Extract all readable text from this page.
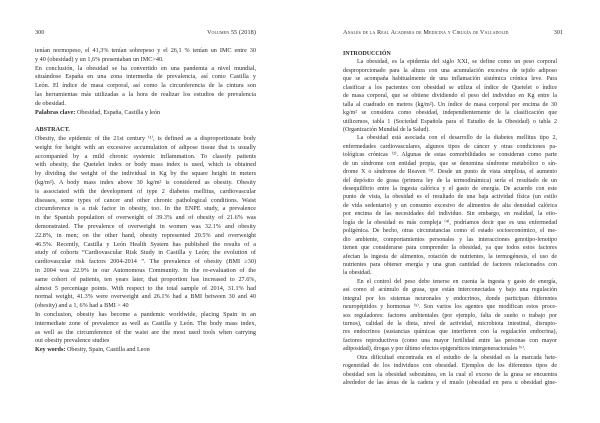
300	Volumen 55 (2018)
tenían normopeso, el 41,3% tenían sobrepeso y el 26,1 % tenían un IMC entre 30
y 40 (obesidad) y un 1,6% presentaban un IMC>40.
En conclusión, la obesidad se ha convertido en una pandemia a nivel mundial,
situándose España en una zona intermedia de prevalencia, así como Castilla y
León. El índice de masa corporal, así como la circunferencia de la cintura son
las herramientas más utilizadas a la hora de realizar los estudios de prevalencia
de obesidad.
Palabras clave: Obesidad, España, Castilla y león
ABSTRACT.
Obesity, the epidemic of the 21st century ⁽¹⁾, is defined as a disproportionate body
weight for height with an excessive accumulation of adipose tissue that is usually
accompanied by a mild chronic systemic inflammation. To classify patients
with obesity, the Quetelet index or body mass index is used, which is obtained
by dividing the weight of the individual in Kg by the square height in meters
(kg/m²). A body mass index above 30 kg/m² is considered as obesity. Obesity
is associated with the development of type 2 diabetes mellitus, cardiovascular
diseases, some types of cancer and other chronic pathological conditions. Waist
circumference is a risk factor in obesity, too. In the ENPE study, a prevalence
in the Spanish population of overweight of 39.3% and of obesity of 21.6% was
demonstrated. The prevalence of overweight in women was 32.1% and obesity
22.8%, in men; on the other hand, obesity represented 20.5% and overweight
46.5%. Recently, Castilla y León Health System has published the results of a
study of cohorts “Cardiovascular Risk Study in Castilla y León; the evolution of
cardiovascular risk factors 2004-2014 ”. The prevalence of obesity (BMI ≥30)
in 2004 was 22.9% in our Autonomous Community. In the re-evaluation of the
same cohort of patients, ten years later, that proportion has increased to 27.6%,
almost 5 percentage points. With respect to the total sample of 2014, 31.1% had
normal weight, 41.3% were overweight and 26.1% had a BMI between 30 and 40
(obesity) and a 1, 6% had a BMI > 40
In conclusion, obesity has become a pandemic worldwide, placing Spain in an
intermediate zone of prevalence as well as Castilla y León. The body mass index,
as well as the circumference of the waist are the most used tools when carrying
out obesity prevalence studies
Key words: Obesity, Spain, Castilla and Leon
Anales de la Real Academia de Medicina y Cirugía de Valladolid	301
INTRODUCCIÓN
La obesidad, es la epidemia del siglo XXI, se define como un peso corporal
desproporcionado para la altura con una acumulación excesiva de tejido adiposo
que se acompaña habitualmente de una inflamación sistémica crónica leve. Para
clasificar a los pacientes con obesidad se utiliza el índice de Quetelet o índice
de masa corporal, que se obtiene dividiendo el peso del individuo en Kg entre la
talla al cuadrado en metros (kg/m²). Un índice de masa corporal por encima de 30
kg/m² se considera como obesidad, independientemente de la clasificación que
utilicemos, tabla 1 (Sociedad Española para el Estudio de la Obesidad) o tabla 2
(Organización Mundial de la Salud).
La obesidad está asociada con el desarrollo de la diabetes mellitus tipo 2,
enfermedades cardiovasculares, algunos tipos de cáncer y otras condiciones pa-
tológicas crónicas ⁽²⁾. Algunas de estas comorbilidades se consideran como parte
de un síndrome con entidad propia, que se denomina síndrome metabólico o sín-
drome X o síndrome de Reaven ⁽³⁾. Desde un punto de vista simplista, el aumento
del depósito de grasa (primera ley de la termodinámica) sería el resultado de un
desequilibrio entre la ingesta calórica y el gasto de energía. De acuerdo con este
punto de vista, la obesidad es el resultado de una baja actividad física (un estilo
de vida sedentario) y un consumo excesivo de alimentos de alta densidad calórica
por encima de las necesidades del individuo. Sin embargo, en realidad, la etio-
logía de la obesidad es más compleja ⁽⁴⁾, podríamos decir que es una enfermedad
poligénica. De hecho, otras circunstancias como el estado socioeconómico, el me-
dio ambiente, comportamientos personales y las interacciones genotipo-fenotipo
tienen que considerarse para comprender la obesidad, ya que todos estos factores
afectan la ingesta de alimentos, rotación de nutrientes, la termogénesis, el uso de
nutrientes para obtener energía y una gran cantidad de factores relacionados con
la obesidad.
En el control del peso debe tenerse en cuenta la ingesta y gasto de energía,
así como el acúmulo de grasa, que están interconectadas y bajo una regulación
integral por los sistemas neuronales y endocrinos, donde participan diferentes
neuropéptidos y hormonas ⁽⁵⁾. Son varios los agentes que modifican estos proce-
sos reguladores: factores ambientales (por ejemplo, falta de sueño o trabajo por
turnos), calidad de la dieta, nivel de actividad, microbiota intestinal, disrupto-
res endocrinos (sustancias químicas que interfieren con la regulación endocrina),
factores reproductivos (como una mayor fertilidad entre las personas con mayor
adiposidad), drogas y por último efectos epigenéticos intergeneracionales ⁽⁶⁾.
Otra dificultad encontrada en el estudio de la obesidad es la marcada hete-
rogeneidad de los individuos con obesidad. Ejemplos de los diferentes tipos de
obesidad son la obesidad subcutánea, en la cual el exceso de la grasa se encuentra
alrededor de las áreas de la cadera y el muslo (obesidad en pera u obesidad gine-
